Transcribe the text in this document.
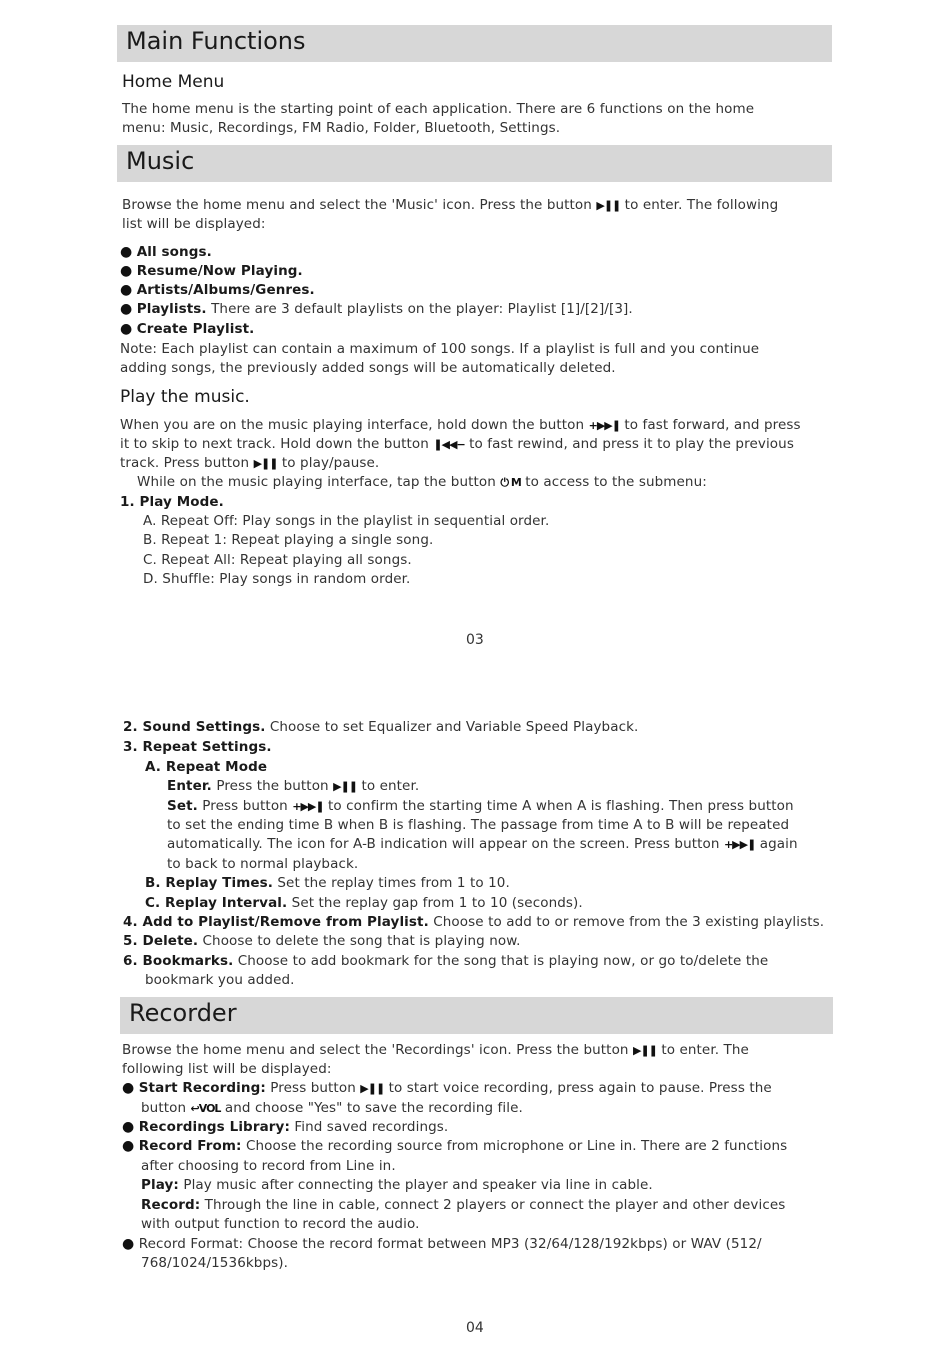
Main Functions
Home Menu
The home menu is the starting point of each application. There are 6 functions on the home
menu: Music, Recordings, FM Radio, Folder, Bluetooth, Settings.
Music
Browse the home menu and select the 'Music' icon. Press the button ▶❚❚ to enter. The following
list will be displayed:
● All songs.
● Resume/Now Playing.
● Artists/Albums/Genres.
● Playlists. There are 3 default playlists on the player: Playlist [1]/[2]/[3].
● Create Playlist.
Note: Each playlist can contain a maximum of 100 songs. If a playlist is full and you continue
adding songs, the previously added songs will be automatically deleted.
Play the music.
When you are on the music playing interface, hold down the button +▶▶❚ to fast forward, and press
it to skip to next track. Hold down the button ❚◀◀− to fast rewind, and press it to play the previous
track. Press button ▶❚❚ to play/pause.
While on the music playing interface, tap the button ⏻ M to access to the submenu:
1. Play Mode.
A. Repeat Off: Play songs in the playlist in sequential order.
B. Repeat 1: Repeat playing a single song.
C. Repeat All: Repeat playing all songs.
D. Shuffle: Play songs in random order.
03
2. Sound Settings. Choose to set Equalizer and Variable Speed Playback.
3. Repeat Settings.
A. Repeat Mode
Enter. Press the button ▶❚❚ to enter.
Set. Press button +▶▶❚ to confirm the starting time A when A is flashing. Then press button
to set the ending time B when B is flashing. The passage from time A to B will be repeated
automatically. The icon for A-B indication will appear on the screen. Press button +▶▶❚ again
to back to normal playback.
B. Replay Times. Set the replay times from 1 to 10.
C. Replay Interval. Set the replay gap from 1 to 10 (seconds).
4. Add to Playlist/Remove from Playlist. Choose to add to or remove from the 3 existing playlists.
5. Delete. Choose to delete the song that is playing now.
6. Bookmarks. Choose to add bookmark for the song that is playing now, or go to/delete the
bookmark you added.
Recorder
Browse the home menu and select the 'Recordings' icon. Press the button ▶❚❚ to enter. The
following list will be displayed:
● Start Recording: Press button ▶❚❚ to start voice recording, press again to pause. Press the
button ↩VOL and choose "Yes" to save the recording file.
● Recordings Library: Find saved recordings.
● Record From: Choose the recording source from microphone or Line in. There are 2 functions
after choosing to record from Line in.
Play: Play music after connecting the player and speaker via line in cable.
Record: Through the line in cable, connect 2 players or connect the player and other devices
with output function to record the audio.
● Record Format: Choose the record format between MP3 (32/64/128/192kbps) or WAV (512/
768/1024/1536kbps).
04
